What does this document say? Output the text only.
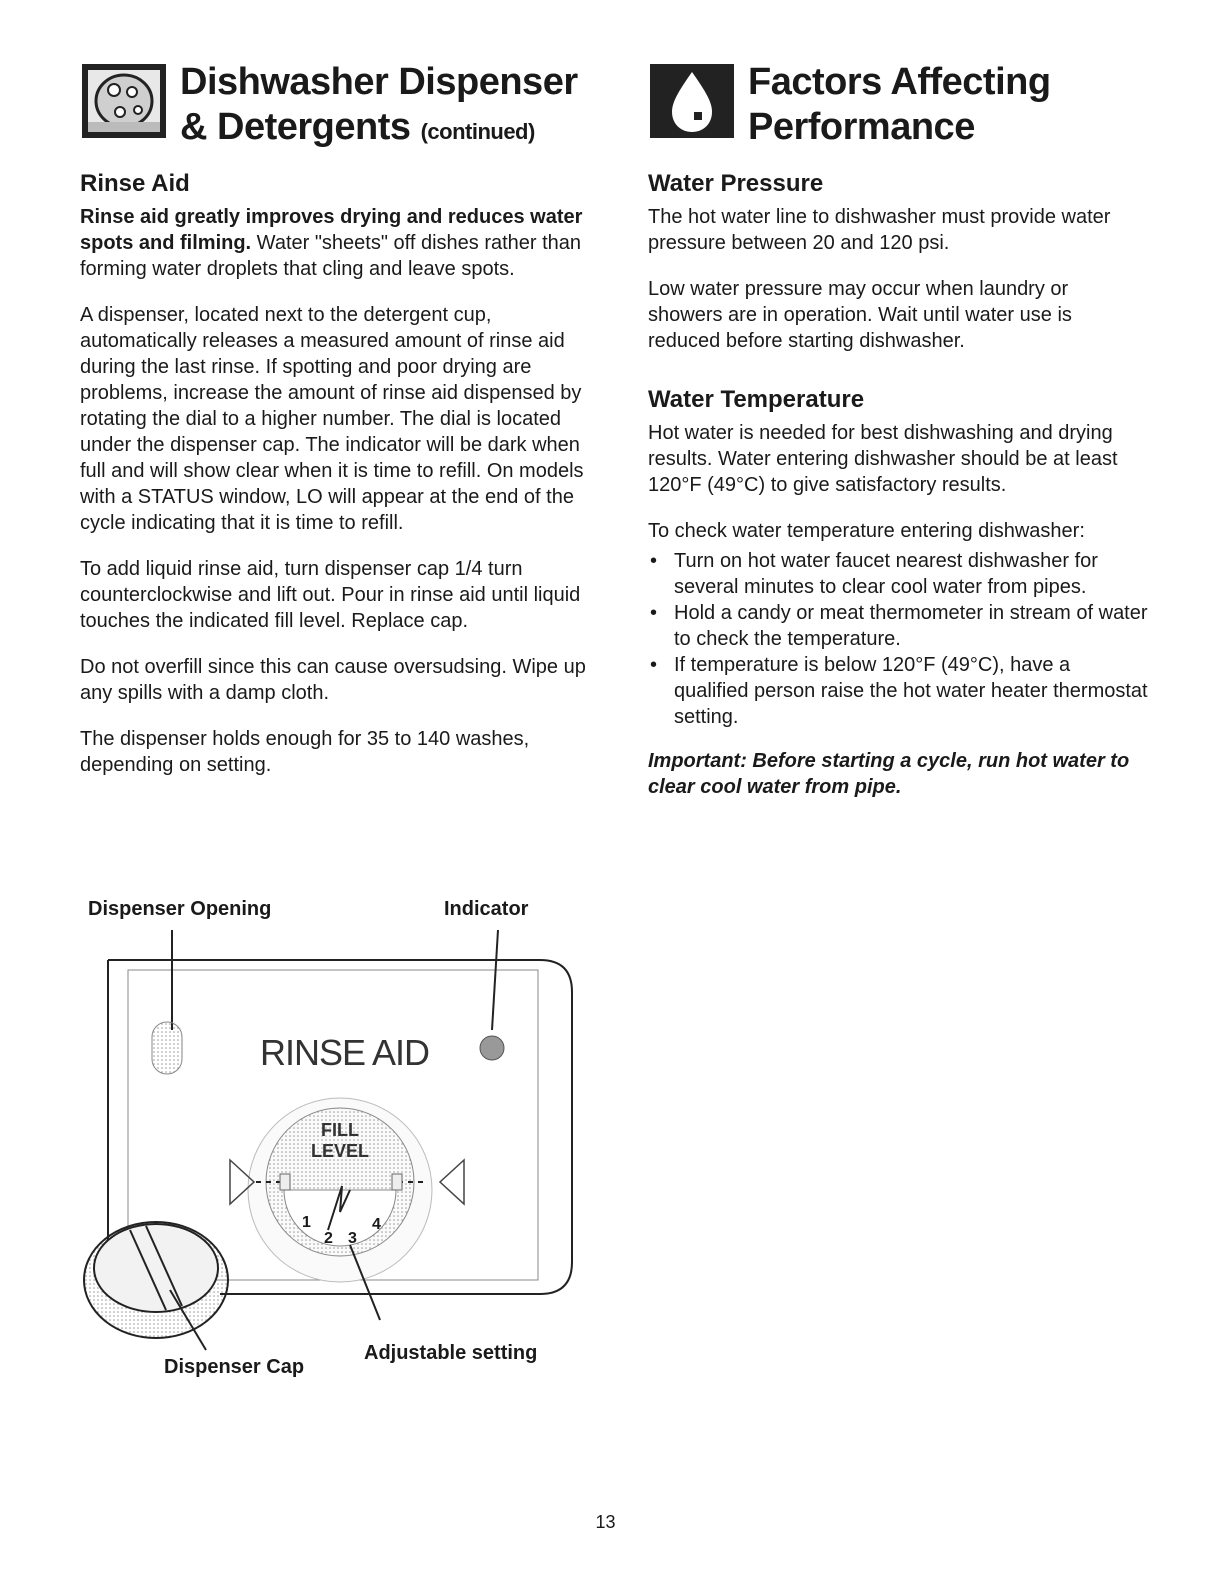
Dishwasher Dispenser
& Detergents (continued)
Rinse Aid

Rinse aid greatly improves drying and reduces water spots and filming. Water "sheets" off dishes rather than forming water droplets that cling and leave spots.

A dispenser, located next to the detergent cup, automatically releases a measured amount of rinse aid during the last rinse. If spotting and poor drying are problems, increase the amount of rinse aid dispensed by rotating the dial to a higher number. The dial is located under the dispenser cap. The indicator will be dark when full and will show clear when it is time to refill. On models with a STATUS window, LO will appear at the end of the cycle indicating that it is time to refill.

To add liquid rinse aid, turn dispenser cap 1/4 turn counterclockwise and lift out. Pour in rinse aid until liquid touches the indicated fill level. Replace cap.

Do not overfill since this can cause oversudsing. Wipe up any spills with a damp cloth.

The dispenser holds enough for 35 to 140 washes, depending on setting.

Dispenser Opening	Indicator
RINSE AID
FILL LEVEL
1
2 3
4
Dispenser Cap
Adjustable setting
Factors Affecting
Performance
Water Pressure

The hot water line to dishwasher must provide water pressure between 20 and 120 psi.

Low water pressure may occur when laundry or showers are in operation. Wait until water use is reduced before starting dishwasher.

Water Temperature

Hot water is needed for best dishwashing and drying results. Water entering dishwasher should be at least 120°F (49°C) to give satisfactory results.

To check water temperature entering dishwasher:

• Turn on hot water faucet nearest dishwasher for several minutes to clear cool water from pipes.
• Hold a candy or meat thermometer in stream of water to check the temperature.
• If temperature is below 120°F (49°C), have a qualified person raise the hot water heater thermostat setting.
Important: Before starting a cycle, run hot water to clear cool water from pipe.
13
